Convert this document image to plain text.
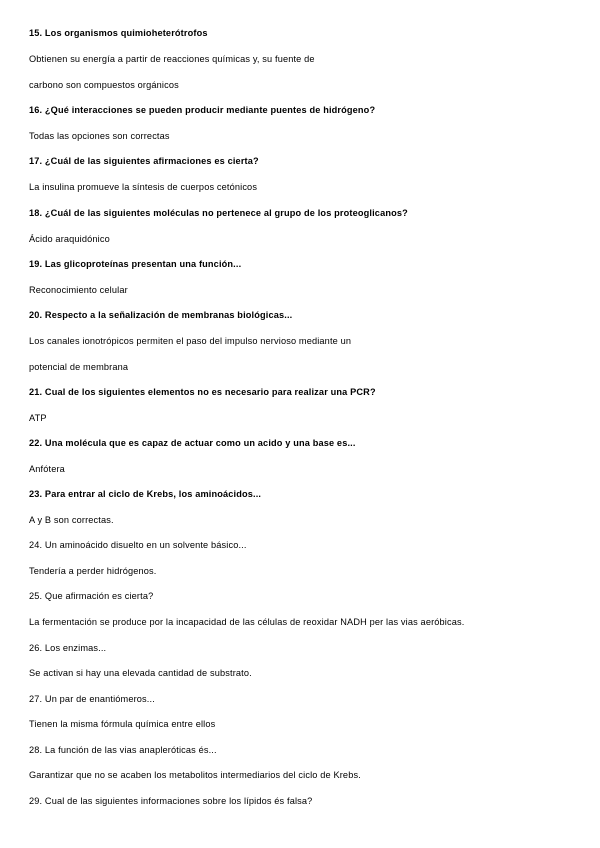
15. Los organismos quimioheterótrofos
Obtienen su energía a partir de reacciones químicas y, su fuente de
carbono son compuestos orgánicos
16. ¿Qué interacciones se pueden producir mediante puentes de hidrógeno?
Todas las opciones son correctas
17. ¿Cuál de las siguientes afirmaciones es cierta?
La insulina promueve la síntesis de cuerpos cetónicos
18. ¿Cuál de las siguientes moléculas no pertenece al grupo de los proteoglicanos?
Ácido araquidónico
19. Las glicoproteínas presentan una función...
Reconocimiento celular
20. Respecto a la señalización de membranas biológicas...
Los canales ionotrópicos permiten el paso del impulso nervioso mediante un
potencial de membrana
21. Cual de los siguientes elementos no es necesario para realizar una PCR?
ATP
22. Una molécula que es capaz de actuar como un acido y una base es...
Anfótera
23. Para entrar al ciclo de Krebs, los aminoácidos...
A y B son correctas.
24. Un aminoácido disuelto en un solvente básico...
Tendería a perder hidrógenos.
25. Que afirmación es cierta?
La fermentación se produce por la incapacidad de las células de reoxidar NADH per las vias aeróbicas.
26. Los enzimas...
Se activan si hay una elevada cantidad de substrato.
27. Un par de enantiómeros...
Tienen la misma fórmula química entre ellos
28. La función de las vias anapleróticas és...
Garantizar que no se acaben los metabolitos intermediarios del ciclo de Krebs.
29. Cual de las siguientes informaciones sobre los lípidos és falsa?
